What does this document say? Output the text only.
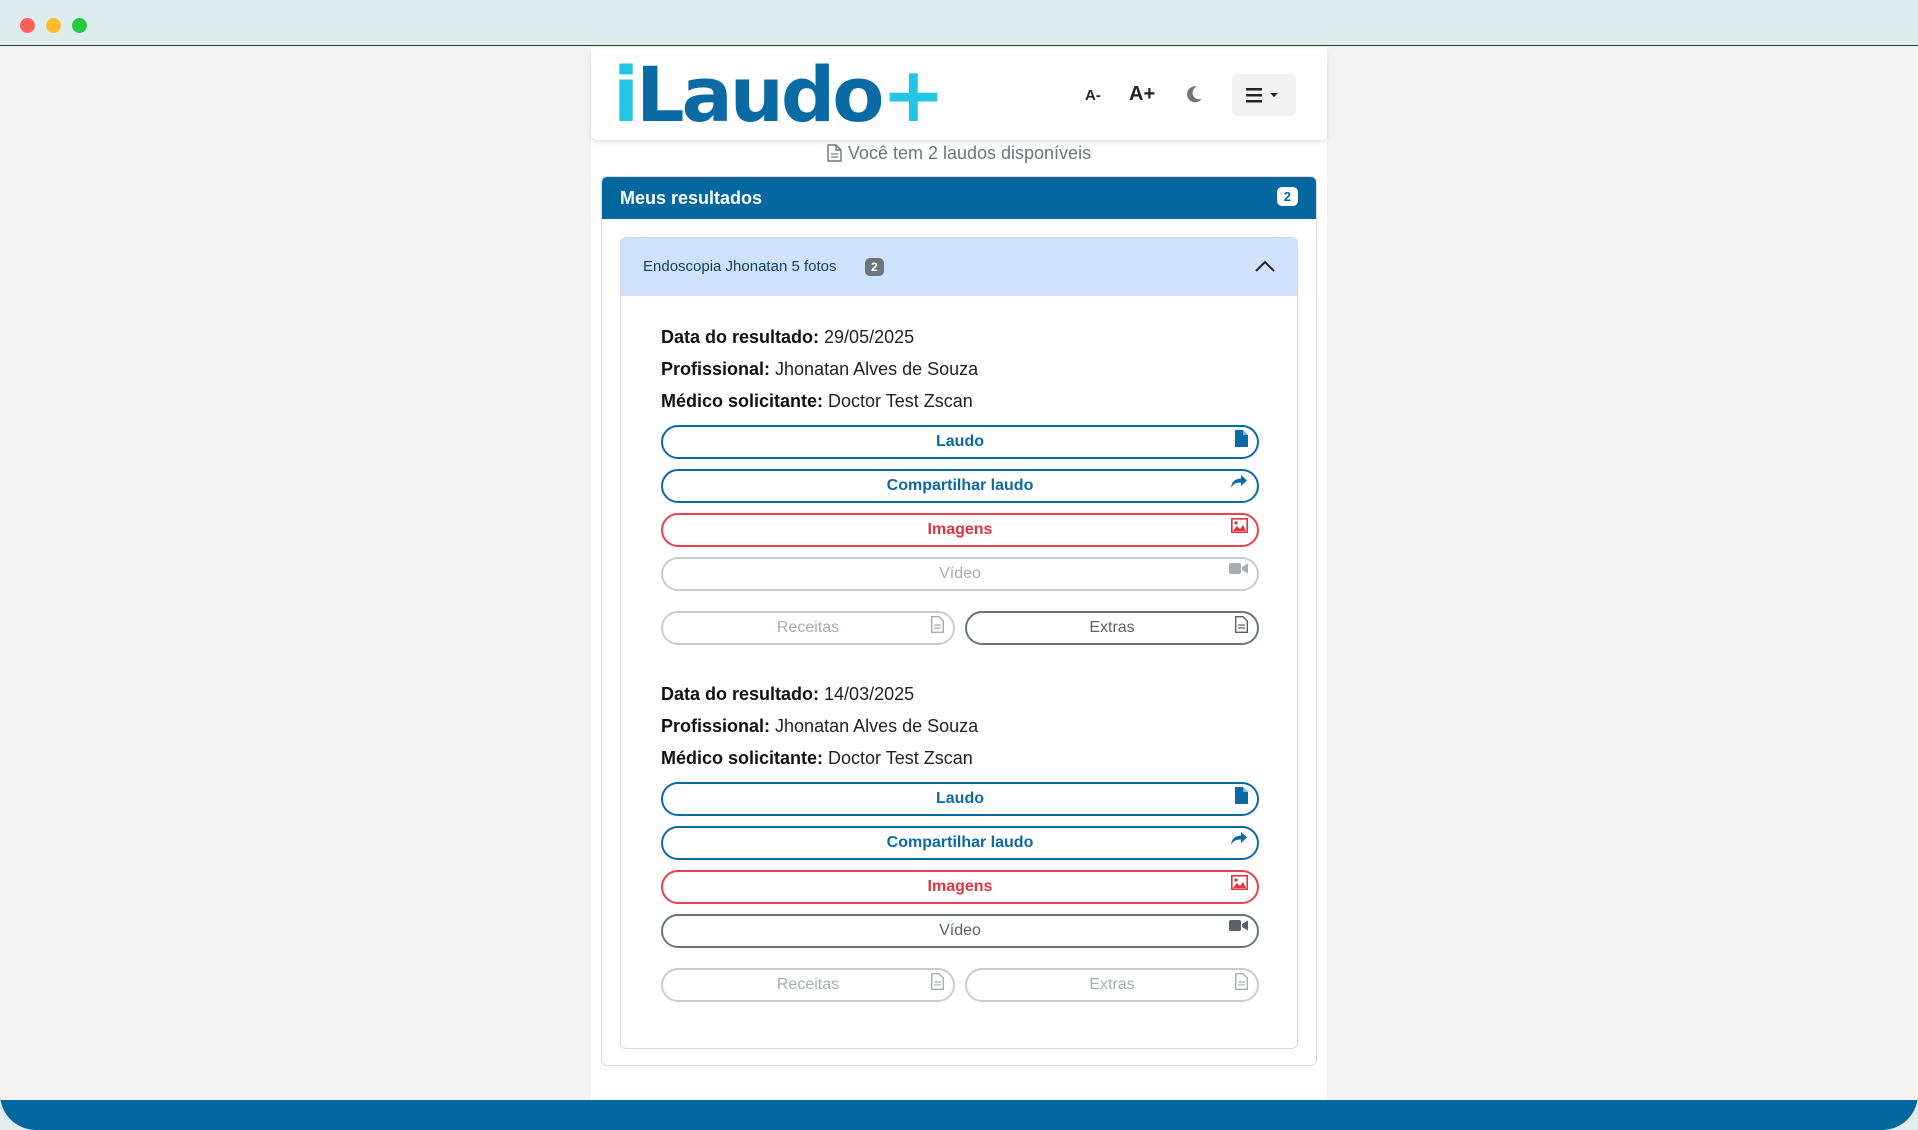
iLaudo+	A- A+
Você tem 2 laudos disponíveis
Meus resultados	2
Endoscopia Jhonatan 5 fotos	2
Data do resultado: 29/05/2025
Profissional: Jhonatan Alves de Souza
Médico solicitante: Doctor Test Zscan
Laudo
Compartilhar laudo
Imagens
Vídeo
Receitas	Extras
Data do resultado: 14/03/2025
Profissional: Jhonatan Alves de Souza
Médico solicitante: Doctor Test Zscan
Laudo
Compartilhar laudo
Imagens
Vídeo
Receitas	Extras
